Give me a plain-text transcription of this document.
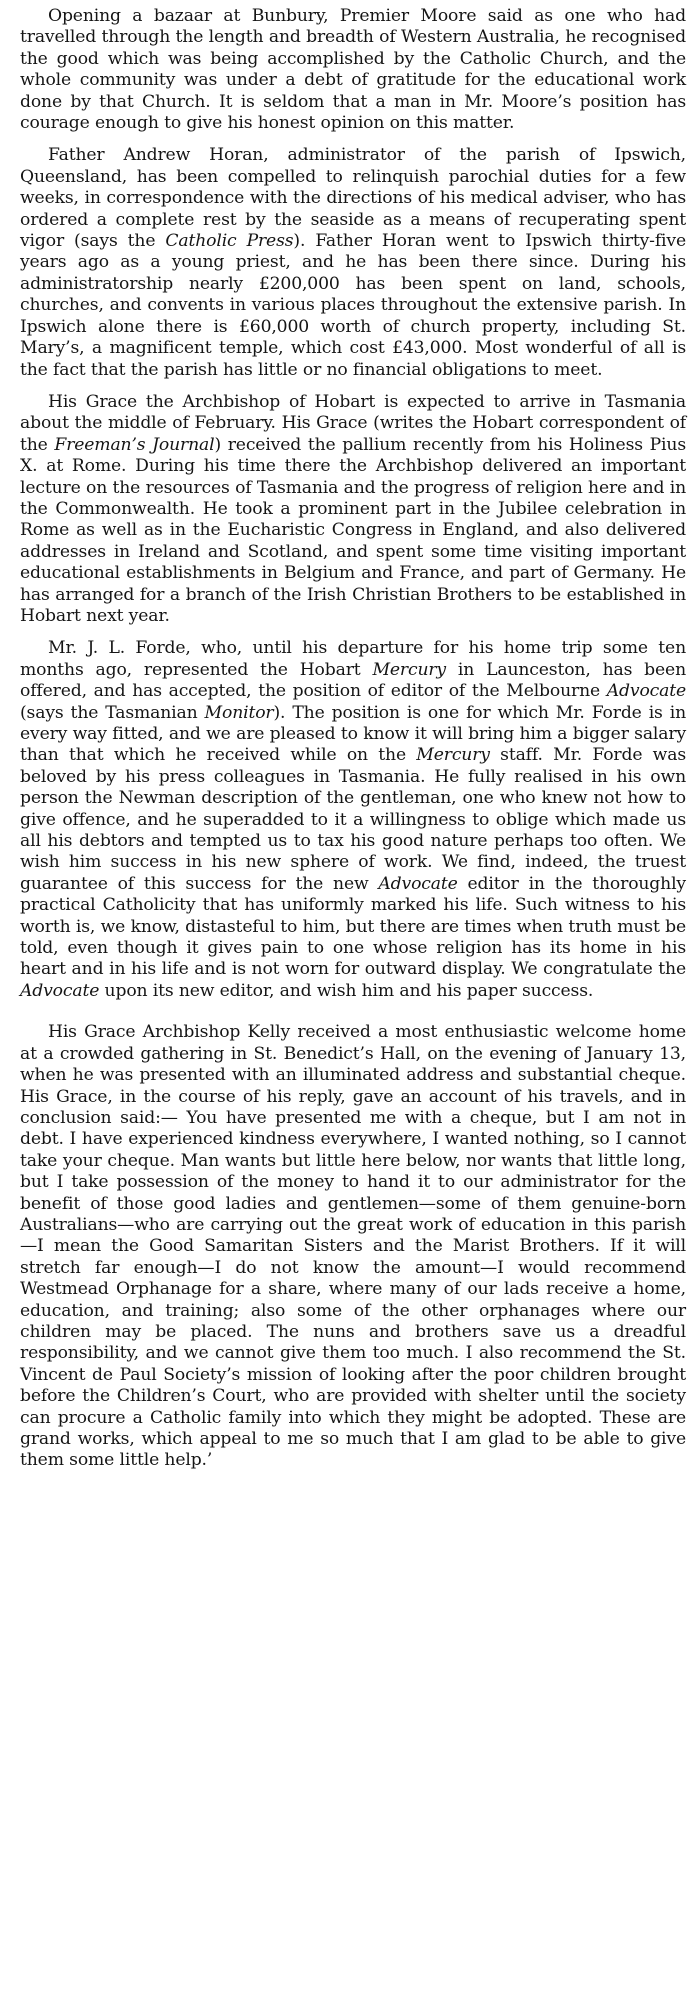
Opening a bazaar at Bunbury, Premier Moore said as one who had travelled through the length and breadth of Western Australia, he recognised the good which was being accomplished by the Catholic Church, and the whole community was under a debt of gratitude for the educational work done by that Church. It is seldom that a man in Mr. Moore’s position has courage enough to give his honest opinion on this matter.

Father Andrew Horan, administrator of the parish of Ipswich, Queensland, has been compelled to relinquish parochial duties for a few weeks, in correspondence with the directions of his medical adviser, who has ordered a complete rest by the seaside as a means of recuperating spent vigor (says the Catholic Press). Father Horan went to Ipswich thirty-five years ago as a young priest, and he has been there since. During his administratorship nearly £200,000 has been spent on land, schools, churches, and convents in various places throughout the extensive parish. In Ipswich alone there is £60,000 worth of church property, including St. Mary’s, a magnificent temple, which cost £43,000. Most wonderful of all is the fact that the parish has little or no financial obligations to meet.

His Grace the Archbishop of Hobart is expected to arrive in Tasmania about the middle of February. His Grace (writes the Hobart correspondent of the Freeman’s Journal) received the pallium recently from his Holiness Pius X. at Rome. During his time there the Archbishop delivered an important lecture on the resources of Tasmania and the progress of religion here and in the Commonwealth. He took a prominent part in the Jubilee celebration in Rome as well as in the Eucharistic Congress in England, and also delivered addresses in Ireland and Scotland, and spent some time visiting important educational establishments in Belgium and France, and part of Germany. He has arranged for a branch of the Irish Christian Brothers to be established in Hobart next year.

Mr. J. L. Forde, who, until his departure for his home trip some ten months ago, represented the Hobart Mercury in Launceston, has been offered, and has accepted, the position of editor of the Melbourne Advocate (says the Tasmanian Monitor). The position is one for which Mr. Forde is in every way fitted, and we are pleased to know it will bring him a bigger salary than that which he received while on the Mercury staff. Mr. Forde was beloved by his press colleagues in Tasmania. He fully realised in his own person the Newman description of the gentleman, one who knew not how to give offence, and he superadded to it a willingness to oblige which made us all his debtors and tempted us to tax his good nature perhaps too often. We wish him success in his new sphere of work. We find, indeed, the truest guarantee of this success for the new Advocate editor in the thoroughly practical Catholicity that has uniformly marked his life. Such witness to his worth is, we know, distasteful to him, but there are times when truth must be told, even though it gives pain to one whose religion has its home in his heart and in his life and is not worn for outward display. We congratulate the Advocate upon its new editor, and wish him and his paper success.

His Grace Archbishop Kelly received a most enthusiastic welcome home at a crowded gathering in St. Benedict’s Hall, on the evening of January 13, when he was presented with an illuminated address and substantial cheque. His Grace, in the course of his reply, gave an account of his travels, and in conclusion said:— You have presented me with a cheque, but I am not in debt. I have experienced kindness everywhere, I wanted nothing, so I cannot take your cheque. Man wants but little here below, nor wants that little long, but I take possession of the money to hand it to our administrator for the benefit of those good ladies and gentlemen—some of them genuine-born Australians—who are carrying out the great work of education in this parish—I mean the Good Samaritan Sisters and the Marist Brothers. If it will stretch far enough—I do not know the amount—I would recommend Westmead Orphanage for a share, where many of our lads receive a home, education, and training; also some of the other orphanages where our children may be placed. The nuns and brothers save us a dreadful responsibility, and we cannot give them too much. I also recommend the St. Vincent de Paul Society’s mission of looking after the poor children brought before the Children’s Court, who are provided with shelter until the society can procure a Catholic family into which they might be adopted. These are grand works, which appeal to me so much that I am glad to be able to give them some little help.’
